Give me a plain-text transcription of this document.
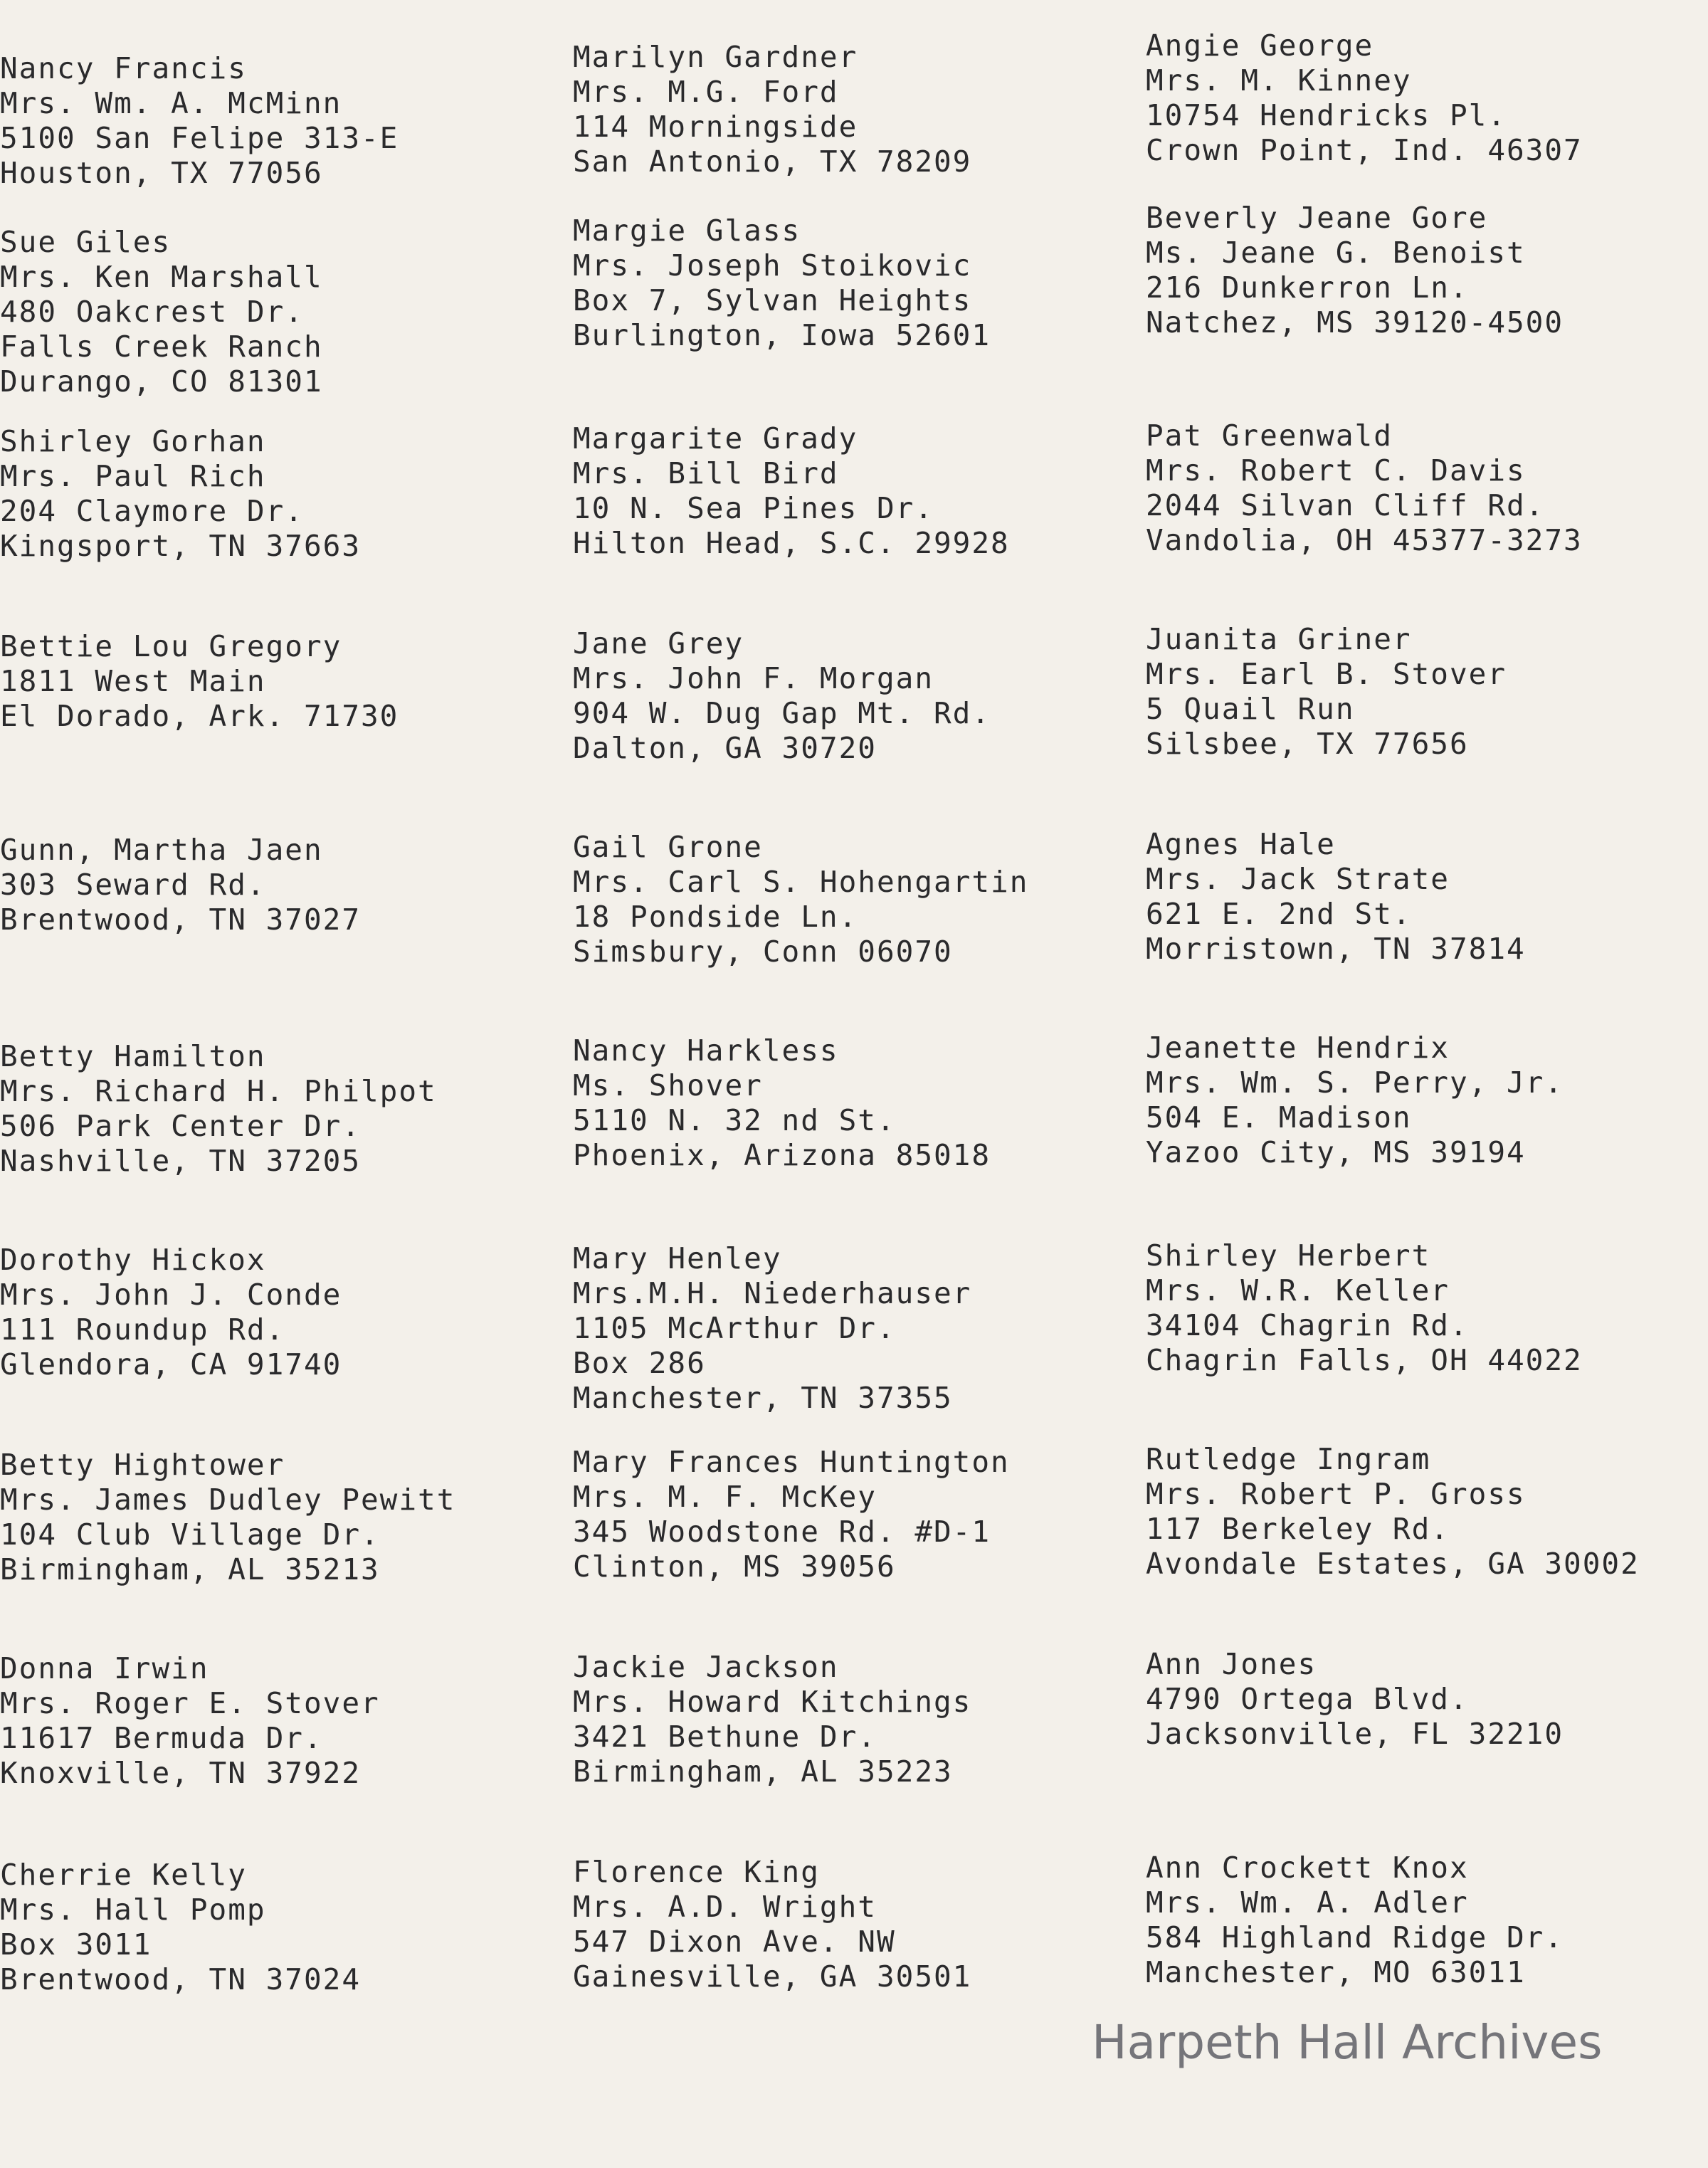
Nancy Francis
Mrs. Wm. A. McMinn
5100 San Felipe 313-E
Houston, TX 77056
Sue Giles
Mrs. Ken Marshall
480 Oakcrest Dr.
Falls Creek Ranch
Durango, CO 81301
Shirley Gorhan
Mrs. Paul Rich
204 Claymore Dr.
Kingsport, TN 37663
Bettie Lou Gregory
1811 West Main
El Dorado, Ark. 71730
Gunn, Martha Jaen
303 Seward Rd.
Brentwood, TN 37027
Betty Hamilton
Mrs. Richard H. Philpot
506 Park Center Dr.
Nashville, TN 37205
Dorothy Hickox
Mrs. John J. Conde
111 Roundup Rd.
Glendora, CA 91740
Betty Hightower
Mrs. James Dudley Pewitt
104 Club Village Dr.
Birmingham, AL 35213
Donna Irwin
Mrs. Roger E. Stover
11617 Bermuda Dr.
Knoxville, TN 37922
Cherrie Kelly
Mrs. Hall Pomp
Box 3011
Brentwood, TN 37024
Marilyn Gardner
Mrs. M.G. Ford
114 Morningside
San Antonio, TX 78209
Margie Glass
Mrs. Joseph Stoikovic
Box 7, Sylvan Heights
Burlington, Iowa 52601
Margarite Grady
Mrs. Bill Bird
10 N. Sea Pines Dr.
Hilton Head, S.C. 29928
Jane Grey
Mrs. John F. Morgan
904 W. Dug Gap Mt. Rd.
Dalton, GA 30720
Gail Grone
Mrs. Carl S. Hohengartin
18 Pondside Ln.
Simsbury, Conn 06070
Nancy Harkless
Ms. Shover
5110 N. 32 nd St.
Phoenix, Arizona 85018
Mary Henley
Mrs.M.H. Niederhauser
1105 McArthur Dr.
Box 286
Manchester, TN 37355
Mary Frances Huntington
Mrs. M. F. McKey
345 Woodstone Rd. #D-1
Clinton, MS 39056
Jackie Jackson
Mrs. Howard Kitchings
3421 Bethune Dr.
Birmingham, AL 35223
Florence King
Mrs. A.D. Wright
547 Dixon Ave. NW
Gainesville, GA 30501
Angie George
Mrs. M. Kinney
10754 Hendricks Pl.
Crown Point, Ind. 46307
Beverly Jeane Gore
Ms. Jeane G. Benoist
216 Dunkerron Ln.
Natchez, MS 39120-4500
Pat Greenwald
Mrs. Robert C. Davis
2044 Silvan Cliff Rd.
Vandolia, OH 45377-3273
Juanita Griner
Mrs. Earl B. Stover
5 Quail Run
Silsbee, TX 77656
Agnes Hale
Mrs. Jack Strate
621 E. 2nd St.
Morristown, TN 37814
Jeanette Hendrix
Mrs. Wm. S. Perry, Jr.
504 E. Madison
Yazoo City, MS 39194
Shirley Herbert
Mrs. W.R. Keller
34104 Chagrin Rd.
Chagrin Falls, OH 44022
Rutledge Ingram
Mrs. Robert P. Gross
117 Berkeley Rd.
Avondale Estates, GA 30002
Ann Jones
4790 Ortega Blvd.
Jacksonville, FL 32210
Ann Crockett Knox
Mrs. Wm. A. Adler
584 Highland Ridge Dr.
Manchester, MO 63011
Harpeth Hall Archives
